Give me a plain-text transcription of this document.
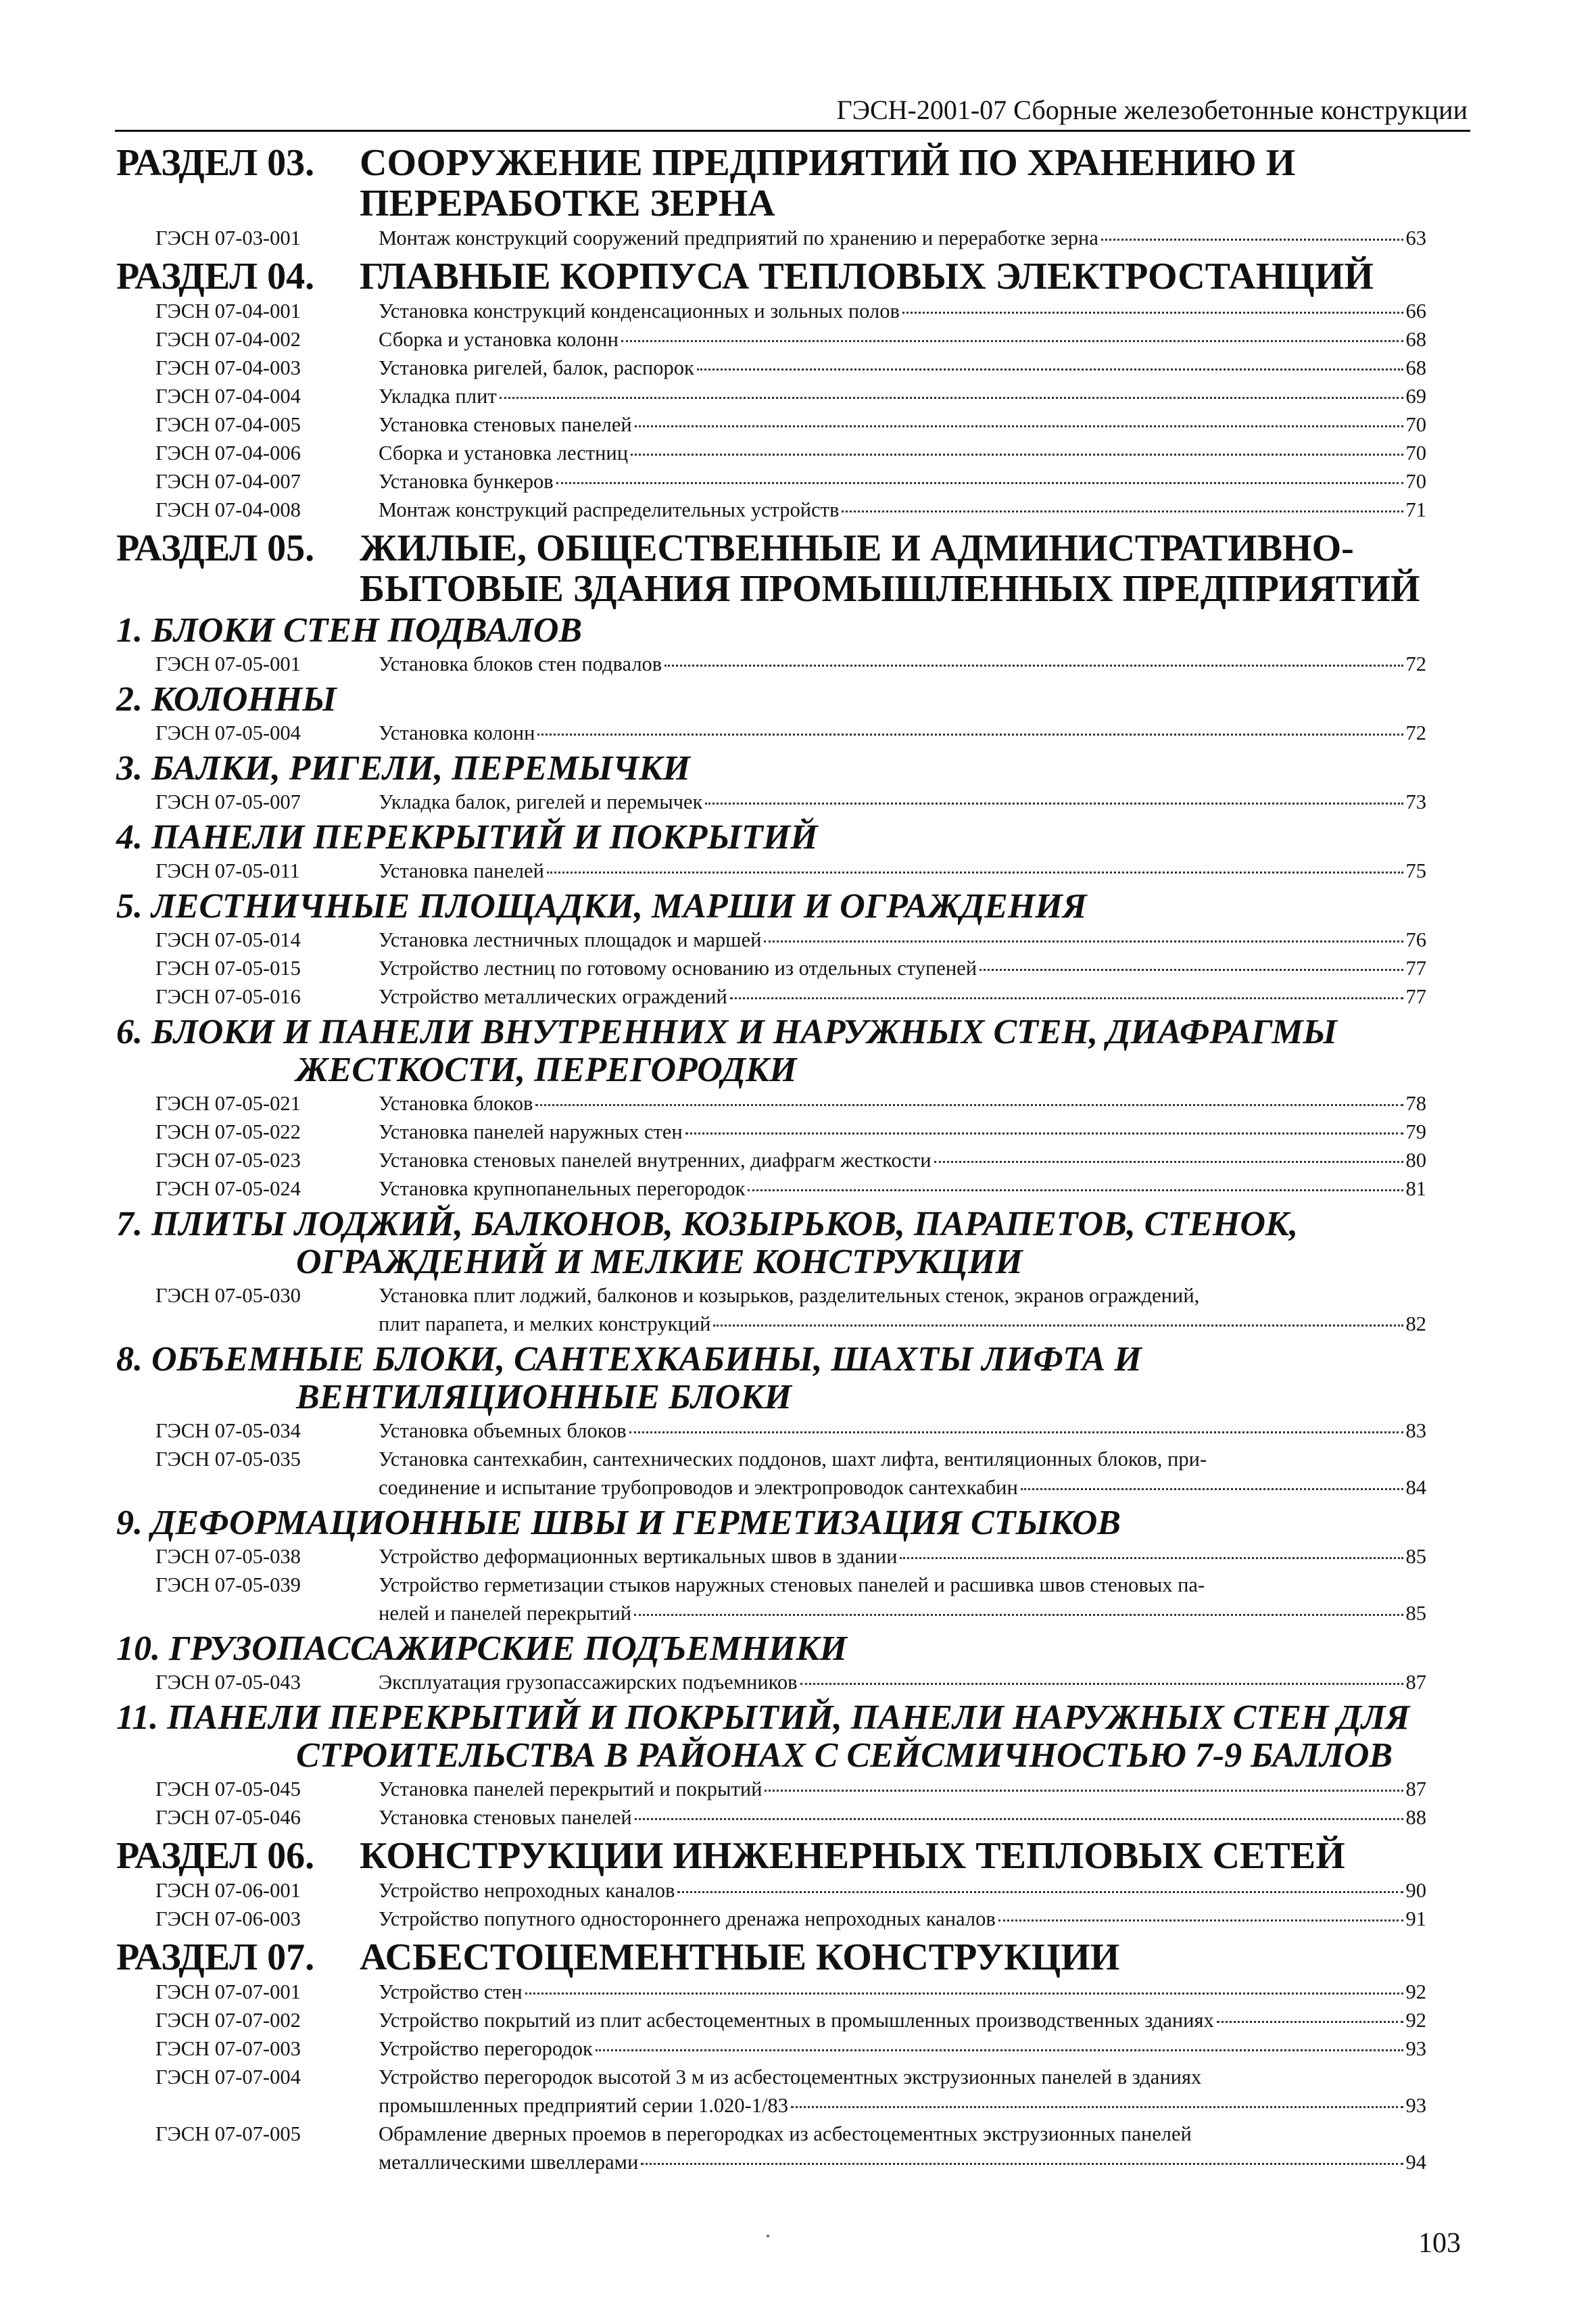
ГЭСН-2001-07 Сборные железобетонные конструкции
РАЗДЕЛ 03.	СООРУЖЕНИЕ ПРЕДПРИЯТИЙ ПО ХРАНЕНИЮ И ПЕРЕРАБОТКЕ ЗЕРНА
ГЭСН 07-03-001	Монтаж конструкций сооружений предприятий по хранению и переработке зерна	63
РАЗДЕЛ 04.	ГЛАВНЫЕ КОРПУСА ТЕПЛОВЫХ ЭЛЕКТРОСТАНЦИЙ
ГЭСН 07-04-001	Установка конструкций конденсационных и зольных полов	66
ГЭСН 07-04-002	Сборка и установка колонн	68
ГЭСН 07-04-003	Установка ригелей, балок, распорок	68
ГЭСН 07-04-004	Укладка плит	69
ГЭСН 07-04-005	Установка стеновых панелей	70
ГЭСН 07-04-006	Сборка и установка лестниц	70
ГЭСН 07-04-007	Установка бункеров	70
ГЭСН 07-04-008	Монтаж конструкций распределительных устройств	71
РАЗДЕЛ 05.	ЖИЛЫЕ, ОБЩЕСТВЕННЫЕ И АДМИНИСТРАТИВНО-БЫТОВЫЕ ЗДАНИЯ ПРОМЫШЛЕННЫХ ПРЕДПРИЯТИЙ
1. БЛОКИ СТЕН ПОДВАЛОВ
ГЭСН 07-05-001	Установка блоков стен подвалов	72
2. КОЛОННЫ
ГЭСН 07-05-004	Установка колонн	72
3. БАЛКИ, РИГЕЛИ, ПЕРЕМЫЧКИ
ГЭСН 07-05-007	Укладка балок, ригелей и перемычек	73
4. ПАНЕЛИ ПЕРЕКРЫТИЙ И ПОКРЫТИЙ
ГЭСН 07-05-011	Установка панелей	75
5. ЛЕСТНИЧНЫЕ ПЛОЩАДКИ, МАРШИ И ОГРАЖДЕНИЯ
ГЭСН 07-05-014	Установка лестничных площадок и маршей	76
ГЭСН 07-05-015	Устройство лестниц по готовому основанию из отдельных ступеней	77
ГЭСН 07-05-016	Устройство металлических ограждений	77
6. БЛОКИ И ПАНЕЛИ ВНУТРЕННИХ И НАРУЖНЫХ СТЕН, ДИАФРАГМЫ ЖЕСТКОСТИ, ПЕРЕГОРОДКИ
ГЭСН 07-05-021	Установка блоков	78
ГЭСН 07-05-022	Установка панелей наружных стен	79
ГЭСН 07-05-023	Установка стеновых панелей внутренних, диафрагм жесткости	80
ГЭСН 07-05-024	Установка крупнопанельных перегородок	81
7. ПЛИТЫ ЛОДЖИЙ, БАЛКОНОВ, КОЗЫРЬКОВ, ПАРАПЕТОВ, СТЕНОК, ОГРАЖДЕНИЙ И МЕЛКИЕ КОНСТРУКЦИИ
ГЭСН 07-05-030	Установка плит лоджий, балконов и козырьков, разделительных стенок, экранов ограждений,
плит парапета, и мелких конструкций	82
8. ОБЪЕМНЫЕ БЛОКИ, САНТЕХКАБИНЫ, ШАХТЫ ЛИФТА И ВЕНТИЛЯЦИОННЫЕ БЛОКИ
ГЭСН 07-05-034	Установка объемных блоков	83
ГЭСН 07-05-035	Установка сантехкабин, сантехнических поддонов, шахт лифта, вентиляционных блоков, при-
соединение и испытание трубопроводов и электропроводок сантехкабин	84
9. ДЕФОРМАЦИОННЫЕ ШВЫ И ГЕРМЕТИЗАЦИЯ СТЫКОВ
ГЭСН 07-05-038	Устройство деформационных вертикальных швов в здании	85
ГЭСН 07-05-039	Устройство герметизации стыков наружных стеновых панелей и расшивка швов стеновых па-
нелей и панелей перекрытий	85
10. ГРУЗОПАССАЖИРСКИЕ ПОДЪЕМНИКИ
ГЭСН 07-05-043	Эксплуатация грузопассажирских подъемников	87
11. ПАНЕЛИ ПЕРЕКРЫТИЙ И ПОКРЫТИЙ, ПАНЕЛИ НАРУЖНЫХ СТЕН ДЛЯ СТРОИТЕЛЬСТВА В РАЙОНАХ С СЕЙСМИЧНОСТЬЮ 7-9 БАЛЛОВ
ГЭСН 07-05-045	Установка панелей перекрытий и покрытий	87
ГЭСН 07-05-046	Установка стеновых панелей	88
РАЗДЕЛ 06.	КОНСТРУКЦИИ ИНЖЕНЕРНЫХ ТЕПЛОВЫХ СЕТЕЙ
ГЭСН 07-06-001	Устройство непроходных каналов	90
ГЭСН 07-06-003	Устройство попутного одностороннего дренажа непроходных каналов	91
РАЗДЕЛ 07.	АСБЕСТОЦЕМЕНТНЫЕ КОНСТРУКЦИИ
ГЭСН 07-07-001	Устройство стен	92
ГЭСН 07-07-002	Устройство покрытий из плит асбестоцементных в промышленных производственных зданиях	92
ГЭСН 07-07-003	Устройство перегородок	93
ГЭСН 07-07-004	Устройство перегородок высотой 3 м из асбестоцементных экструзионных панелей в зданиях
промышленных предприятий серии 1.020-1/83	93
ГЭСН 07-07-005	Обрамление дверных проемов в перегородках из асбестоцементных экструзионных панелей
металлическими швеллерами	94
103
